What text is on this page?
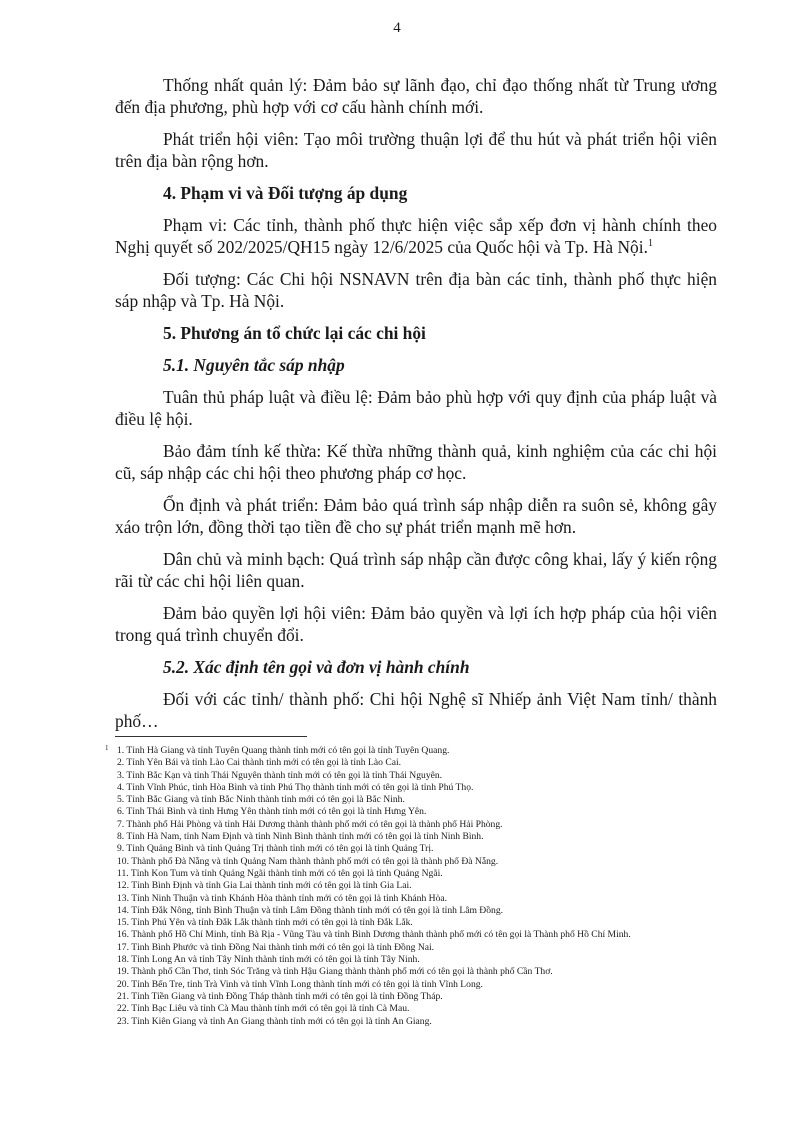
4

Thống nhất quản lý: Đảm bảo sự lãnh đạo, chỉ đạo thống nhất từ Trung ương đến địa phương, phù hợp với cơ cấu hành chính mới.

Phát triển hội viên: Tạo môi trường thuận lợi để thu hút và phát triển hội viên trên địa bàn rộng hơn.

4. Phạm vi và Đối tượng áp dụng

Phạm vi: Các tỉnh, thành phố thực hiện việc sắp xếp đơn vị hành chính theo Nghị quyết số 202/2025/QH15 ngày 12/6/2025 của Quốc hội và Tp. Hà Nội.$^1$

Đối tượng: Các Chi hội NSNAVN trên địa bàn các tỉnh, thành phố thực hiện sáp nhập và Tp. Hà Nội.

5. Phương án tổ chức lại các chi hội

5.1. Nguyên tắc sáp nhập

Tuân thủ pháp luật và điều lệ: Đảm bảo phù hợp với quy định của pháp luật và điều lệ hội.

Bảo đảm tính kế thừa: Kế thừa những thành quả, kinh nghiệm của các chi hội cũ, sáp nhập các chi hội theo phương pháp cơ học.

Ổn định và phát triển: Đảm bảo quá trình sáp nhập diễn ra suôn sẻ, không gây xáo trộn lớn, đồng thời tạo tiền đề cho sự phát triển mạnh mẽ hơn.

Dân chủ và minh bạch: Quá trình sáp nhập cần được công khai, lấy ý kiến rộng rãi từ các chi hội liên quan.

Đảm bảo quyền lợi hội viên: Đảm bảo quyền và lợi ích hợp pháp của hội viên trong quá trình chuyển đổi.

5.2. Xác định tên gọi và đơn vị hành chính

Đối với các tỉnh/ thành phố: Chi hội Nghệ sĩ Nhiếp ảnh Việt Nam tỉnh/ thành phố…

1 1. Tỉnh Hà Giang và tỉnh Tuyên Quang thành tỉnh mới có tên gọi là tỉnh Tuyên Quang.
2. Tỉnh Yên Bái và tỉnh Lào Cai thành tỉnh mới có tên gọi là tỉnh Lào Cai.
3. Tỉnh Bắc Kạn và tỉnh Thái Nguyên thành tỉnh mới có tên gọi là tỉnh Thái Nguyên.
4. Tỉnh Vĩnh Phúc, tỉnh Hòa Bình và tỉnh Phú Thọ thành tỉnh mới có tên gọi là tỉnh Phú Thọ.
5. Tỉnh Bắc Giang và tỉnh Bắc Ninh thành tỉnh mới có tên gọi là Bắc Ninh.
6. Tỉnh Thái Bình và tỉnh Hưng Yên thành tỉnh mới có tên gọi là tỉnh Hưng Yên.
7. Thành phố Hải Phòng và tỉnh Hải Dương thành thành phố mới có tên gọi là thành phố Hải Phòng.
8. Tỉnh Hà Nam, tỉnh Nam Định và tỉnh Ninh Bình thành tỉnh mới có tên gọi là tỉnh Ninh Bình.
9. Tỉnh Quảng Bình và tỉnh Quảng Trị thành tỉnh mới có tên gọi là tỉnh Quảng Trị.
10. Thành phố Đà Nẵng và tỉnh Quảng Nam thành thành phố mới có tên gọi là thành phố Đà Nẵng.
11. Tỉnh Kon Tum và tỉnh Quảng Ngãi thành tỉnh mới có tên gọi là tỉnh Quảng Ngãi.
12. Tỉnh Bình Định và tỉnh Gia Lai thành tỉnh mới có tên gọi là tỉnh Gia Lai.
13. Tỉnh Ninh Thuận và tỉnh Khánh Hòa thành tỉnh mới có tên gọi là tỉnh Khánh Hòa.
14. Tỉnh Đắk Nông, tỉnh Bình Thuận và tỉnh Lâm Đồng thành tỉnh mới có tên gọi là tỉnh Lâm Đồng.
15. Tỉnh Phú Yên và tỉnh Đắk Lắk thành tỉnh mới có tên gọi là tỉnh Đắk Lắk.
16. Thành phố Hồ Chí Minh, tỉnh Bà Rịa - Vũng Tàu và tỉnh Bình Dương thành thành phố mới có tên gọi là Thành phố Hồ Chí Minh.
17. Tỉnh Bình Phước và tỉnh Đồng Nai thành tỉnh mới có tên gọi là tỉnh Đồng Nai.
18. Tỉnh Long An và tỉnh Tây Ninh thành tỉnh mới có tên gọi là tỉnh Tây Ninh.
19. Thành phố Cần Thơ, tỉnh Sóc Trăng và tỉnh Hậu Giang thành thành phố mới có tên gọi là thành phố Cần Thơ.
20. Tỉnh Bến Tre, tỉnh Trà Vinh và tỉnh Vĩnh Long thành tỉnh mới có tên gọi là tỉnh Vĩnh Long.
21. Tỉnh Tiền Giang và tỉnh Đồng Tháp thành tỉnh mới có tên gọi là tỉnh Đồng Tháp.
22. Tỉnh Bạc Liêu và tỉnh Cà Mau thành tỉnh mới có tên gọi là tỉnh Cà Mau.
23. Tỉnh Kiên Giang và tỉnh An Giang thành tỉnh mới có tên gọi là tỉnh An Giang.
